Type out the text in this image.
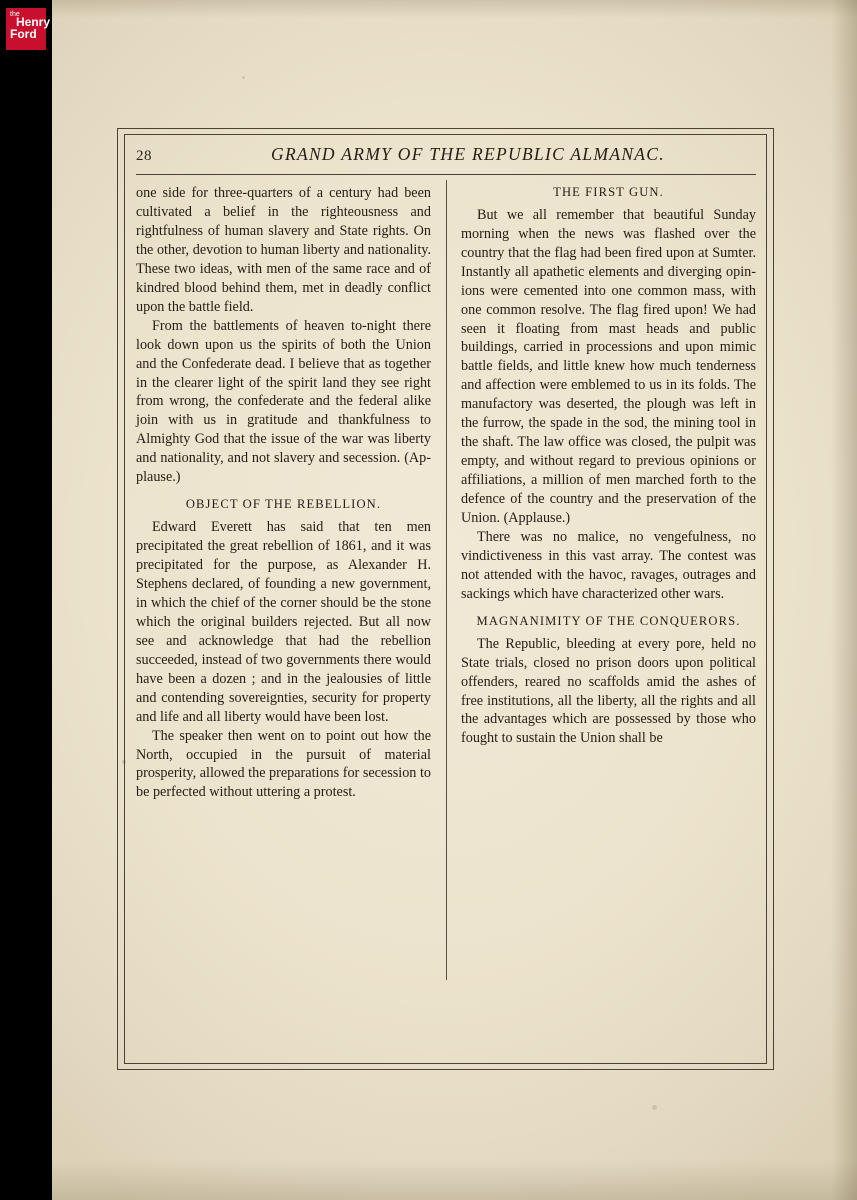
the
Henry
Ford
28	GRAND ARMY OF THE REPUBLIC ALMANAC.

one side for three-quarters of a century had been cultivated a belief in the righteousness and rightfulness of human slavery and State rights. On the other, devotion to human liberty and nationality. These two ideas, with men of the same race and of kindred blood behind them, met in deadly conflict upon the battle field.

From the battlements of heaven to-night there look down upon us the spirits of both the Union and the Confederate dead. I believe that as together in the clearer light of the spirit land they see right from wrong, the confederate and the federal alike join with us in gratitude and thankfulness to Almighty God that the issue of the war was liberty and nationality, and not slavery and secession. (Applause.)

OBJECT OF THE REBELLION.

Edward Everett has said that ten men precipitated the great rebellion of 1861, and it was precipitated for the purpose, as Alexander H. Stephens declared, of founding a new government, in which the chief of the corner should be the stone which the original builders rejected. But all now see and acknowledge that had the rebellion succeeded, instead of two governments there would have been a dozen ; and in the jealousies of little and contending sovereignties, security for property and life and all liberty would have been lost.

The speaker then went on to point out how the North, occupied in the pursuit of material prosperity, allowed the preparations for secession to be perfected without uttering a protest.

THE FIRST GUN.

But we all remember that beautiful Sunday morning when the news was flashed over the country that the flag had been fired upon at Sumter. Instantly all apathetic elements and diverging opinions were cemented into one common mass, with one common resolve. The flag fired upon! We had seen it floating from mast heads and public buildings, carried in processions and upon mimic battle fields, and little knew how much tenderness and affection were emblemed to us in its folds. The manufactory was deserted, the plough was left in the furrow, the spade in the sod, the mining tool in the shaft. The law office was closed, the pulpit was empty, and without regard to previous opinions or affiliations, a million of men marched forth to the defence of the country and the preservation of the Union. (Applause.)

There was no malice, no vengefulness, no vindictiveness in this vast array. The contest was not attended with the havoc, ravages, outrages and sackings which have characterized other wars.

MAGNANIMITY OF THE CONQUERORS.

The Republic, bleeding at every pore, held no State trials, closed no prison doors upon political offenders, reared no scaffolds amid the ashes of free institutions, all the liberty, all the rights and all the advantages which are possessed by those who fought to sustain the Union shall be
